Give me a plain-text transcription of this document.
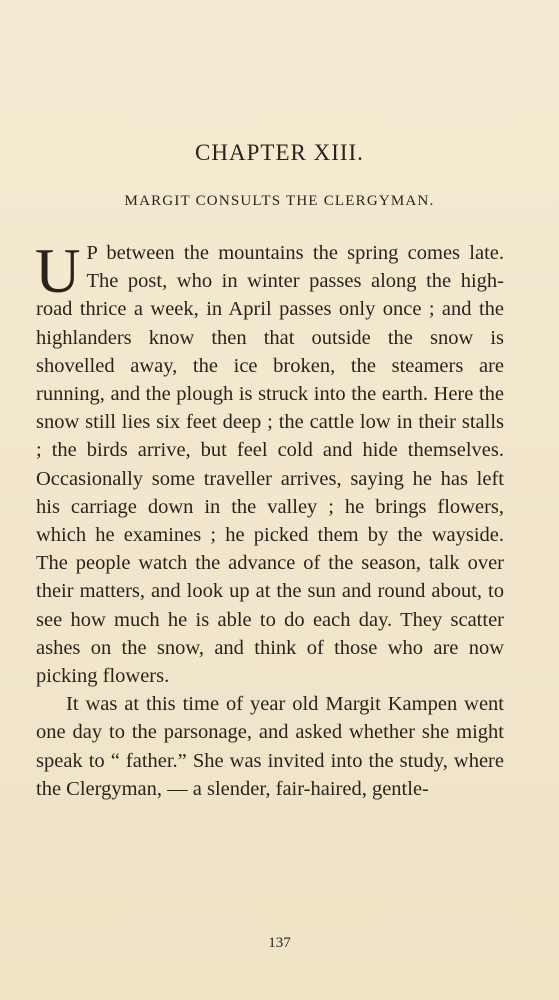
CHAPTER XIII.
MARGIT CONSULTS THE CLERGYMAN.

U P between the mountains the spring comes late. The post, who in winter passes along the high-road thrice a week, in April passes only once ; and the highlanders know then that outside the snow is shovelled away, the ice broken, the steamers are running, and the plough is struck into the earth. Here the snow still lies six feet deep ; the cattle low in their stalls ; the birds arrive, but feel cold and hide themselves. Occasionally some traveller arrives, saying he has left his carriage down in the valley ; he brings flowers, which he examines ; he picked them by the wayside. The people watch the advance of the season, talk over their matters, and look up at the sun and round about, to see how much he is able to do each day. They scatter ashes on the snow, and think of those who are now picking flowers.

It was at this time of year old Margit Kampen went one day to the parsonage, and asked whether she might speak to “ father.” She was invited into the study, where the Clergyman, — a slender, fair-haired, gentle-

137
